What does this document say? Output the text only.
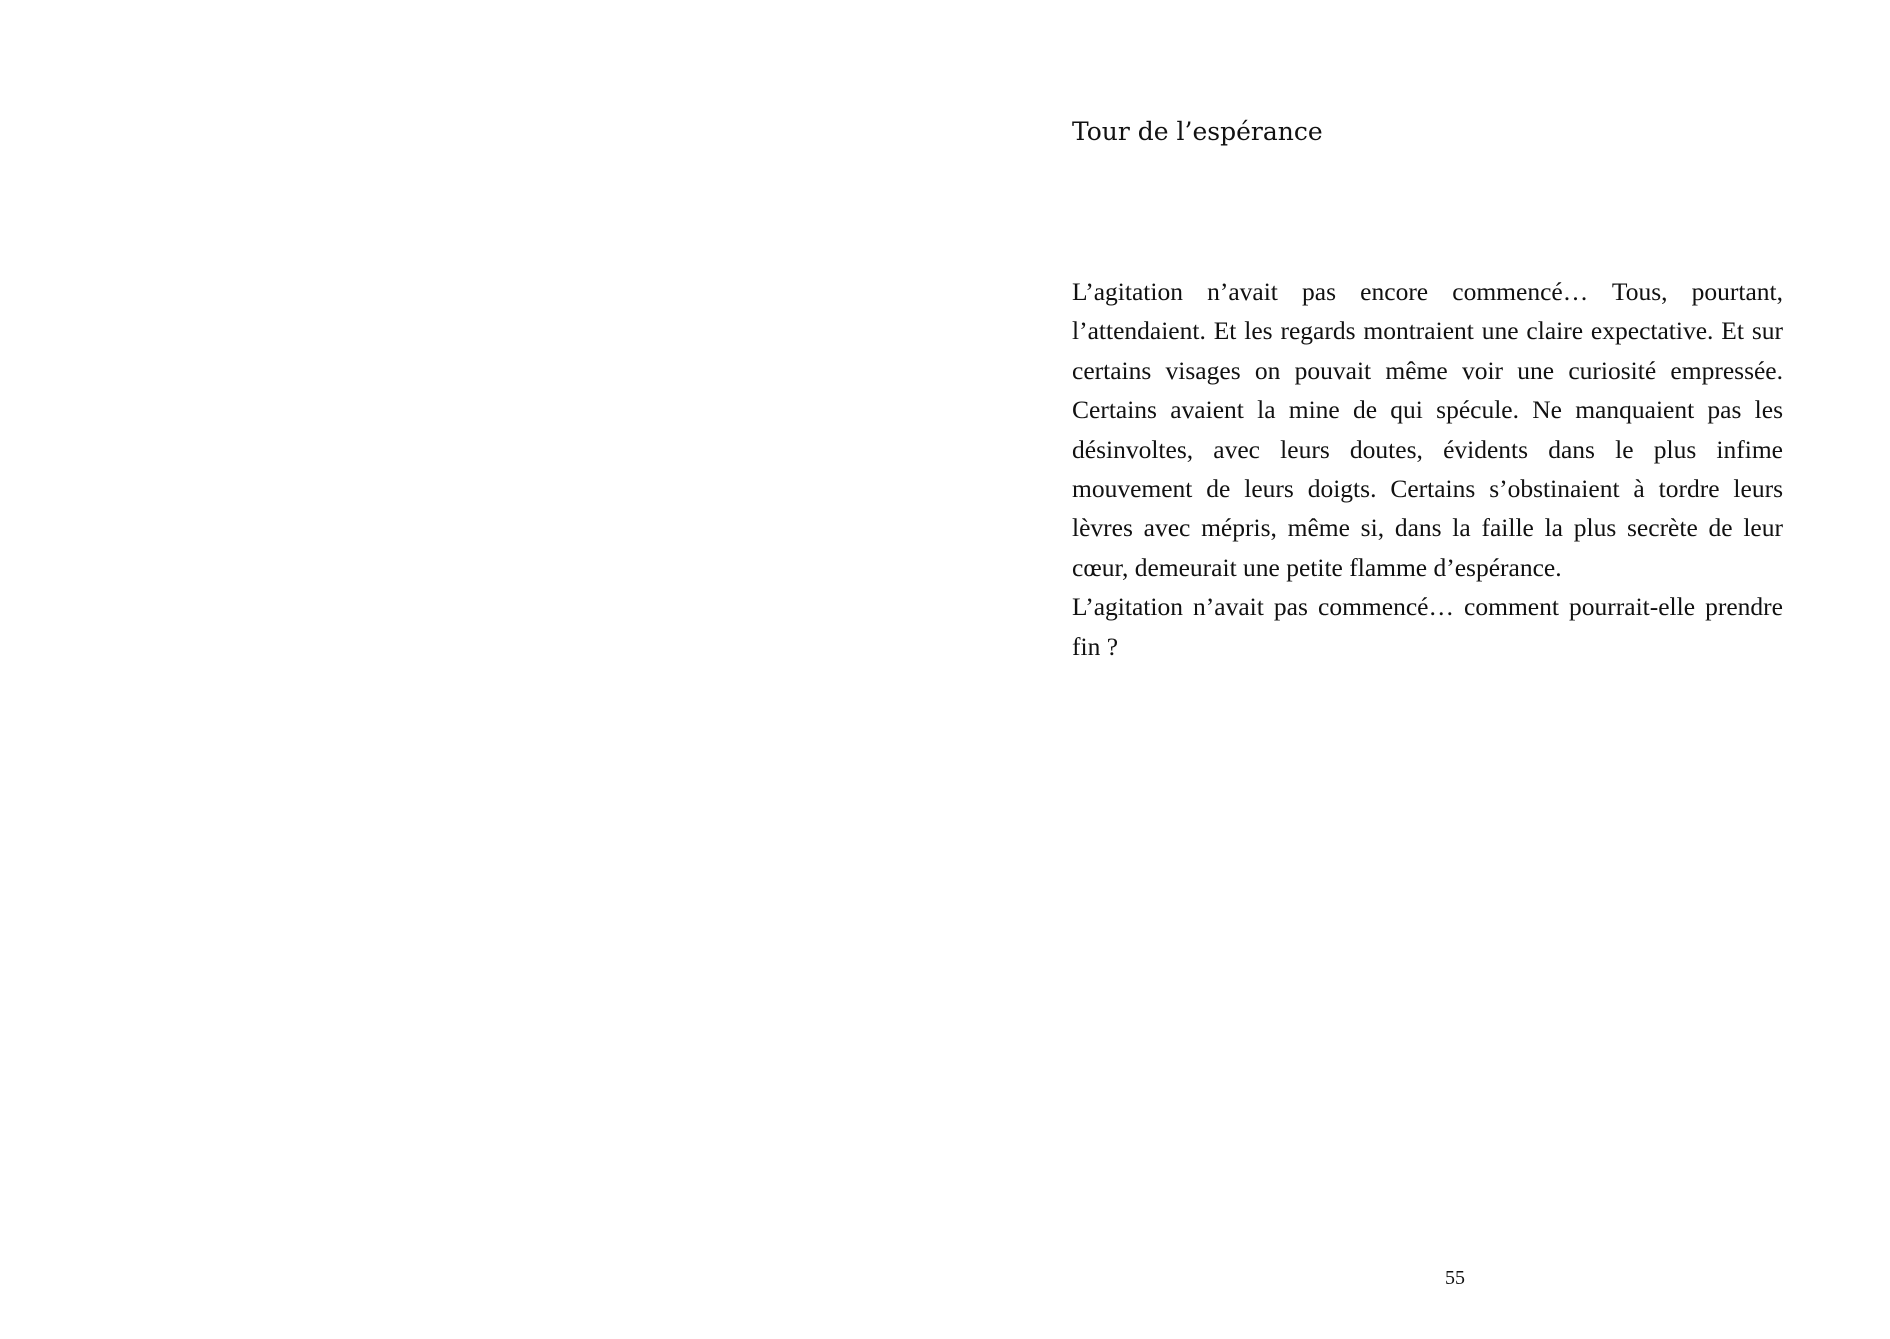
Tour de l’espérance

L’agitation n’avait pas encore commencé… Tous, pourtant, l’attendaient. Et les regards montraient une claire expectative. Et sur certains visages on pouvait même voir une curiosité empressée. Certains avaient la mine de qui spécule. Ne manquaient pas les désinvoltes, avec leurs doutes, évidents dans le plus infime mouvement de leurs doigts. Certains s’obstinaient à tordre leurs lèvres avec mépris, même si, dans la faille la plus secrète de leur cœur, demeurait une petite flamme d’espérance.

L’agitation n’avait pas commencé… comment pourrait-elle prendre fin ?

55
